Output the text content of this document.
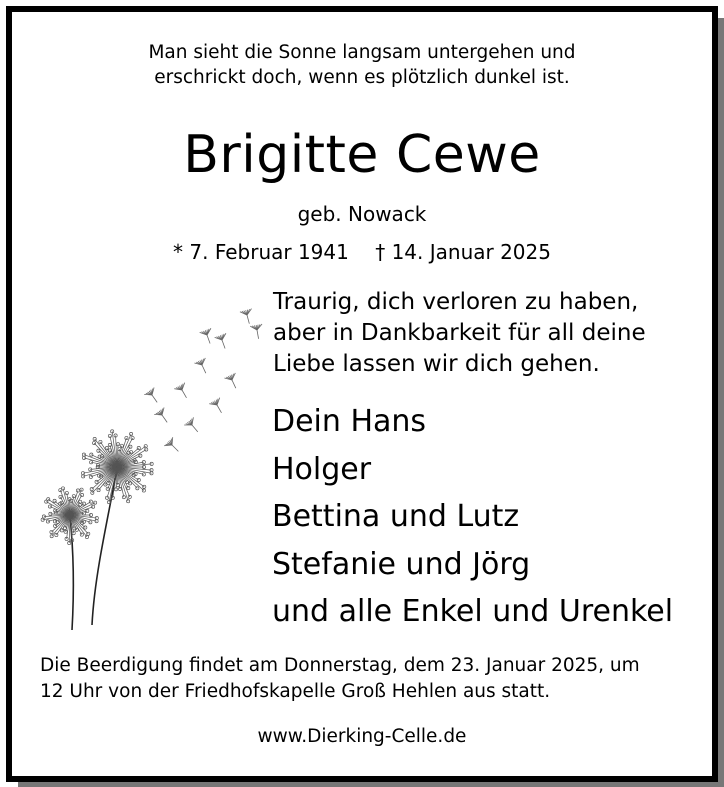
Man sieht die Sonne langsam untergehen und
erschrickt doch, wenn es plötzlich dunkel ist.
Brigitte Cewe
geb. Nowack
* 7. Februar 1941 † 14. Januar 2025
Traurig, dich verloren zu haben,
aber in Dankbarkeit für all deine
Liebe lassen wir dich gehen.
Dein Hans
Holger
Bettina und Lutz
Stefanie und Jörg
und alle Enkel und Urenkel
Die Beerdigung findet am Donnerstag, dem 23. Januar 2025, um
12 Uhr von der Friedhofskapelle Groß Hehlen aus statt.
www.Dierking-Celle.de
